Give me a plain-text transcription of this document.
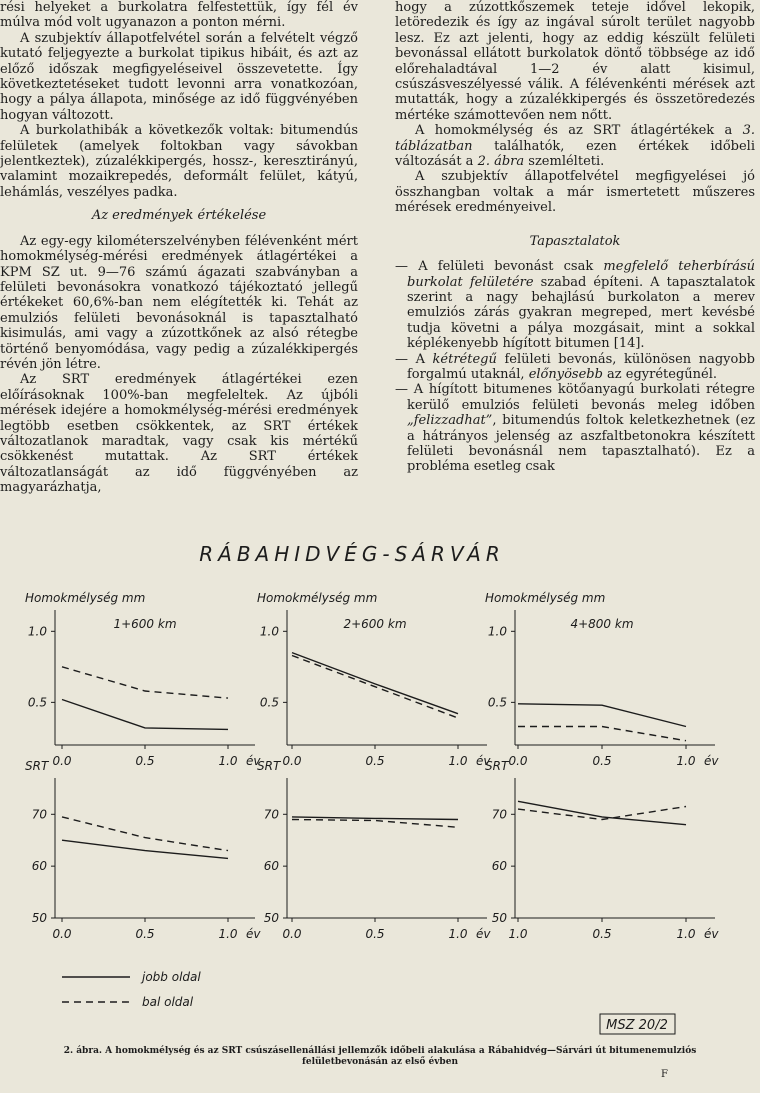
rési helyeket a burkolatra felfestettük, így fél év múlva mód volt ugyanazon a ponton mérni.

A szubjektív állapotfelvétel során a felvételt végző kutató feljegyezte a burkolat tipikus hibáit, és azt az előző időszak megfigyeléseivel összevetette. Így következtetéseket tudott levonni arra vonatkozóan, hogy a pálya állapota, minősége az idő függvényében hogyan változott.

A burkolathibák a következők voltak: bitumendús felületek (amelyek foltokban vagy sávokban jelentkeztek), zúzalékkipergés, hossz-, keresztirányú, valamint mozaikrepedés, deformált felület, kátyú, lehámlás, veszélyes padka.

Az eredmények értékelése

Az egy-egy kilométerszelvényben félévenként mért homokmélység-mérési eredmények átlagértékei a KPM SZ ut. 9—76 számú ágazati szabványban a felületi bevonásokra vonatkozó tájékoztató jellegű értékeket 60,6%-ban nem elégítették ki. Tehát az emulziós felületi bevonásoknál is tapasztalható kisimulás, ami vagy a zúzottkőnek az alsó rétegbe történő benyomódása, vagy pedig a zúzalékkipergés révén jön létre.

Az SRT eredmények átlagértékei ezen előírásoknak 100%-ban megfeleltek. Az újbóli mérések idejére a homokmélység-mérési eredmények legtöbb esetben csökkentek, az SRT értékek változatlanok maradtak, vagy csak kis mértékű csökkenést mutattak. Az SRT értékek változatlanságát az idő függvényében az magyarázhatja,

hogy a zúzottkőszemek teteje idővel lekopik, letöredezik és így az ingával súrolt terület nagyobb lesz. Ez azt jelenti, hogy az eddig készült felületi bevonással ellátott burkolatok döntő többsége az idő előrehaladtával 1—2 év alatt kisimul, csúszásveszélyessé válik. A félévenkénti mérések azt mutatták, hogy a zúzalékkipergés és összetöredezés mértéke számottevően nem nőtt.

A homokmélység és az SRT átlagértékek a 3. táblázatban találhatók, ezen értékek időbeli változását a 2. ábra szemlélteti.

A szubjektív állapotfelvétel megfigyelései jó összhangban voltak a már ismertetett műszeres mérések eredményeivel.

Tapasztalatok

— A felületi bevonást csak megfelelő teherbírású burkolat felületére szabad építeni. A tapasztalatok szerint a nagy behajlású burkolaton a merev emulziós zárás gyakran megreped, mert kevésbé tudja követni a pálya mozgásait, mint a sokkal képlékenyebb hígított bitumen [14].

— A kétrétegű felületi bevonás, különösen nagyobb forgalmú utaknál, előnyösebb az egyrétegűnél.

— A hígított bitumenes kötőanyagú burkolati rétegre kerülő emulziós felületi bevonás meleg időben „felizzadhat”, bitumendús foltok keletkezhetnek (ez a hátrányos jelenség az aszfaltbetonokra készített felületi bevonásnál nem tapasztalható). Ez a probléma esetleg csak

RÁBAHIDVÉG-SÁRVÁR
Homokmélység mm
1+600 km
0.5
1.0
0.0	0.5	1.0 év
Homokmélység mm
2+600 km
0.5
1.0
0.0	0.5	1.0 év
Homokmélység mm
4+800 km
0.5
1.0
0.0	0.5	1.0 év
SRT
50
60
70
0.0	0.5	1.0 év
SRT
50
60
70
0.0	0.5	1.0 év
SRT
50
60
70
1.0	0.5	1.0 év
jobb oldal
bal oldal
MSZ 20/2
2. ábra. A homokmélység és az SRT csúszásellenállási jellemzők időbeli alakulása a Rábahidvég—Sárvári út bitumenemulziós felületbevonásán az első évben
F
